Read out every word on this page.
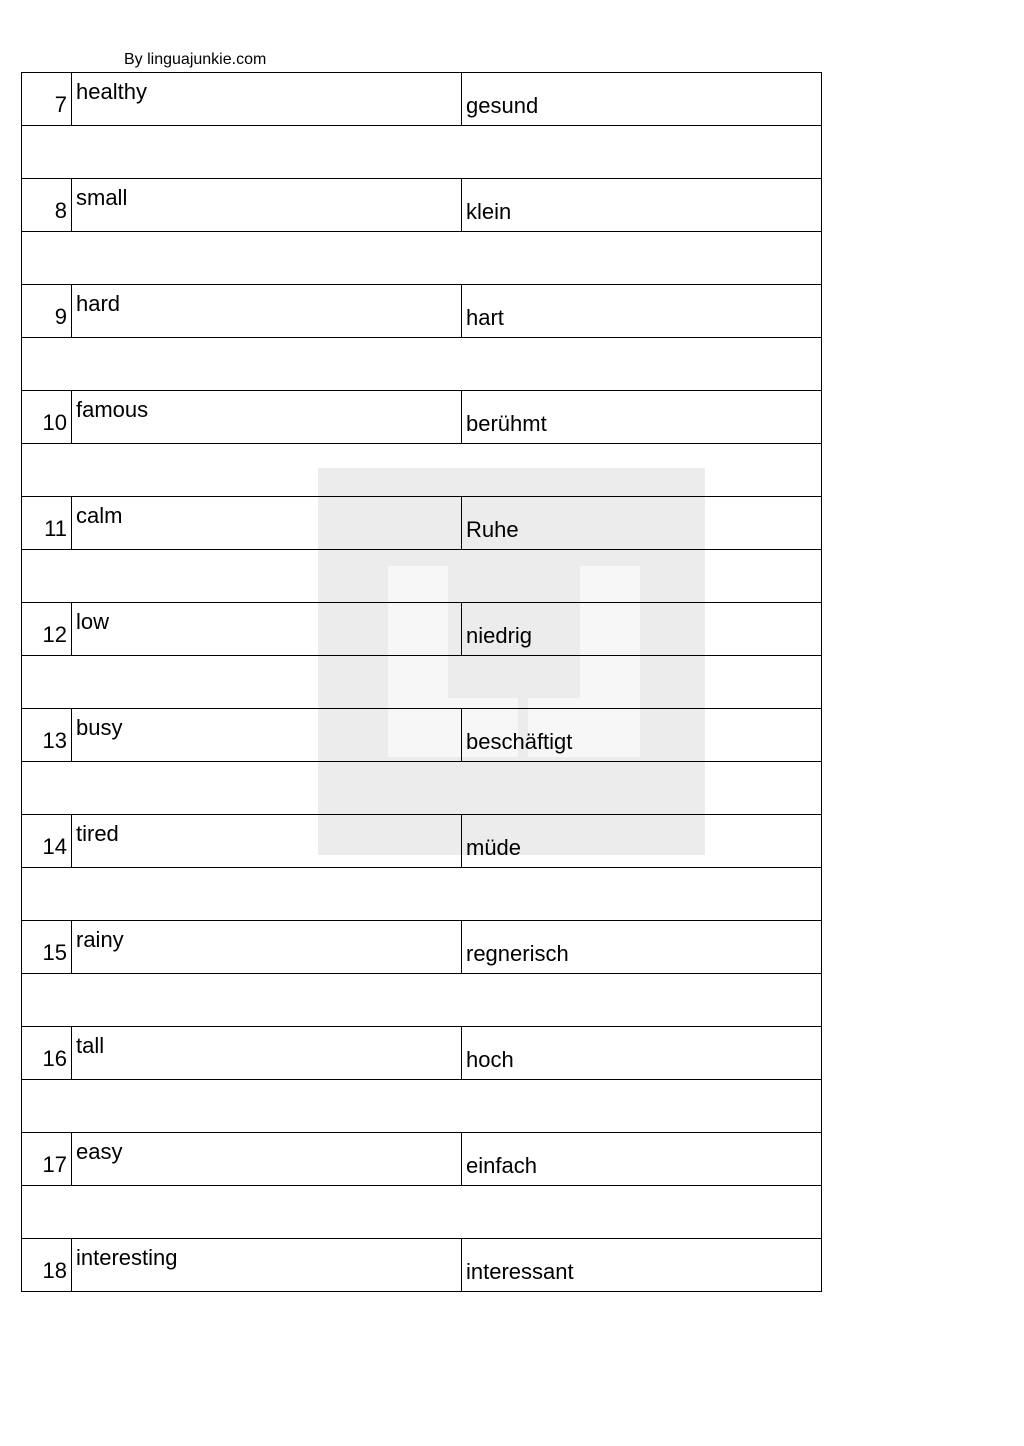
By linguajunkie.com
7	healthy	gesund

8	small	klein

9	hard	hart

10	famous	berühmt

11	calm	Ruhe

12	low	niedrig

13	busy	beschäftigt

14	tired	müde

15	rainy	regnerisch

16	tall	hoch

17	easy	einfach

18	interesting	interessant
